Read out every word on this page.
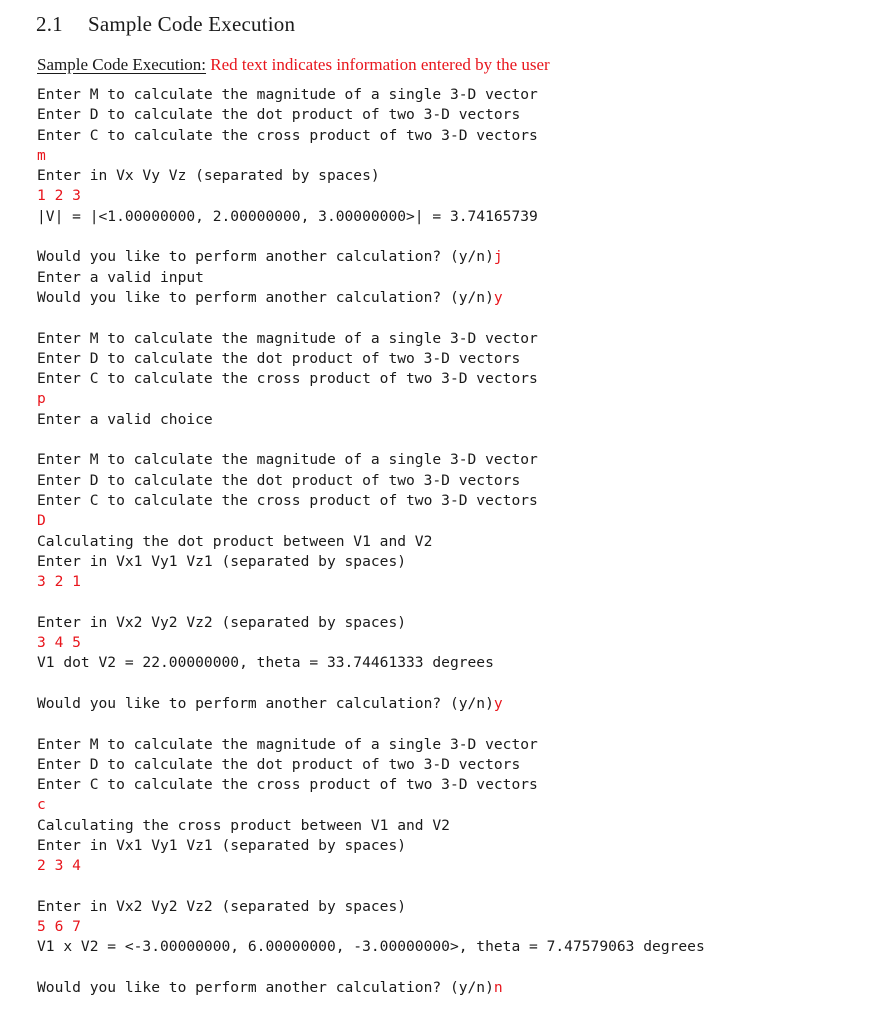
2.1 Sample Code Execution
Sample Code Execution: Red text indicates information entered by the user
Enter M to calculate the magnitude of a single 3-D vector
Enter D to calculate the dot product of two 3-D vectors
Enter C to calculate the cross product of two 3-D vectors
m
Enter in Vx Vy Vz (separated by spaces)
1 2 3
|V| = |<1.00000000, 2.00000000, 3.00000000>| = 3.74165739

Would you like to perform another calculation? (y/n)j
Enter a valid input
Would you like to perform another calculation? (y/n)y

Enter M to calculate the magnitude of a single 3-D vector
Enter D to calculate the dot product of two 3-D vectors
Enter C to calculate the cross product of two 3-D vectors
p
Enter a valid choice

Enter M to calculate the magnitude of a single 3-D vector
Enter D to calculate the dot product of two 3-D vectors
Enter C to calculate the cross product of two 3-D vectors
D
Calculating the dot product between V1 and V2
Enter in Vx1 Vy1 Vz1 (separated by spaces)
3 2 1

Enter in Vx2 Vy2 Vz2 (separated by spaces)
3 4 5
V1 dot V2 = 22.00000000, theta = 33.74461333 degrees

Would you like to perform another calculation? (y/n)y

Enter M to calculate the magnitude of a single 3-D vector
Enter D to calculate the dot product of two 3-D vectors
Enter C to calculate the cross product of two 3-D vectors
c
Calculating the cross product between V1 and V2
Enter in Vx1 Vy1 Vz1 (separated by spaces)
2 3 4

Enter in Vx2 Vy2 Vz2 (separated by spaces)
5 6 7
V1 x V2 = <-3.00000000, 6.00000000, -3.00000000>, theta = 7.47579063 degrees

Would you like to perform another calculation? (y/n)n
